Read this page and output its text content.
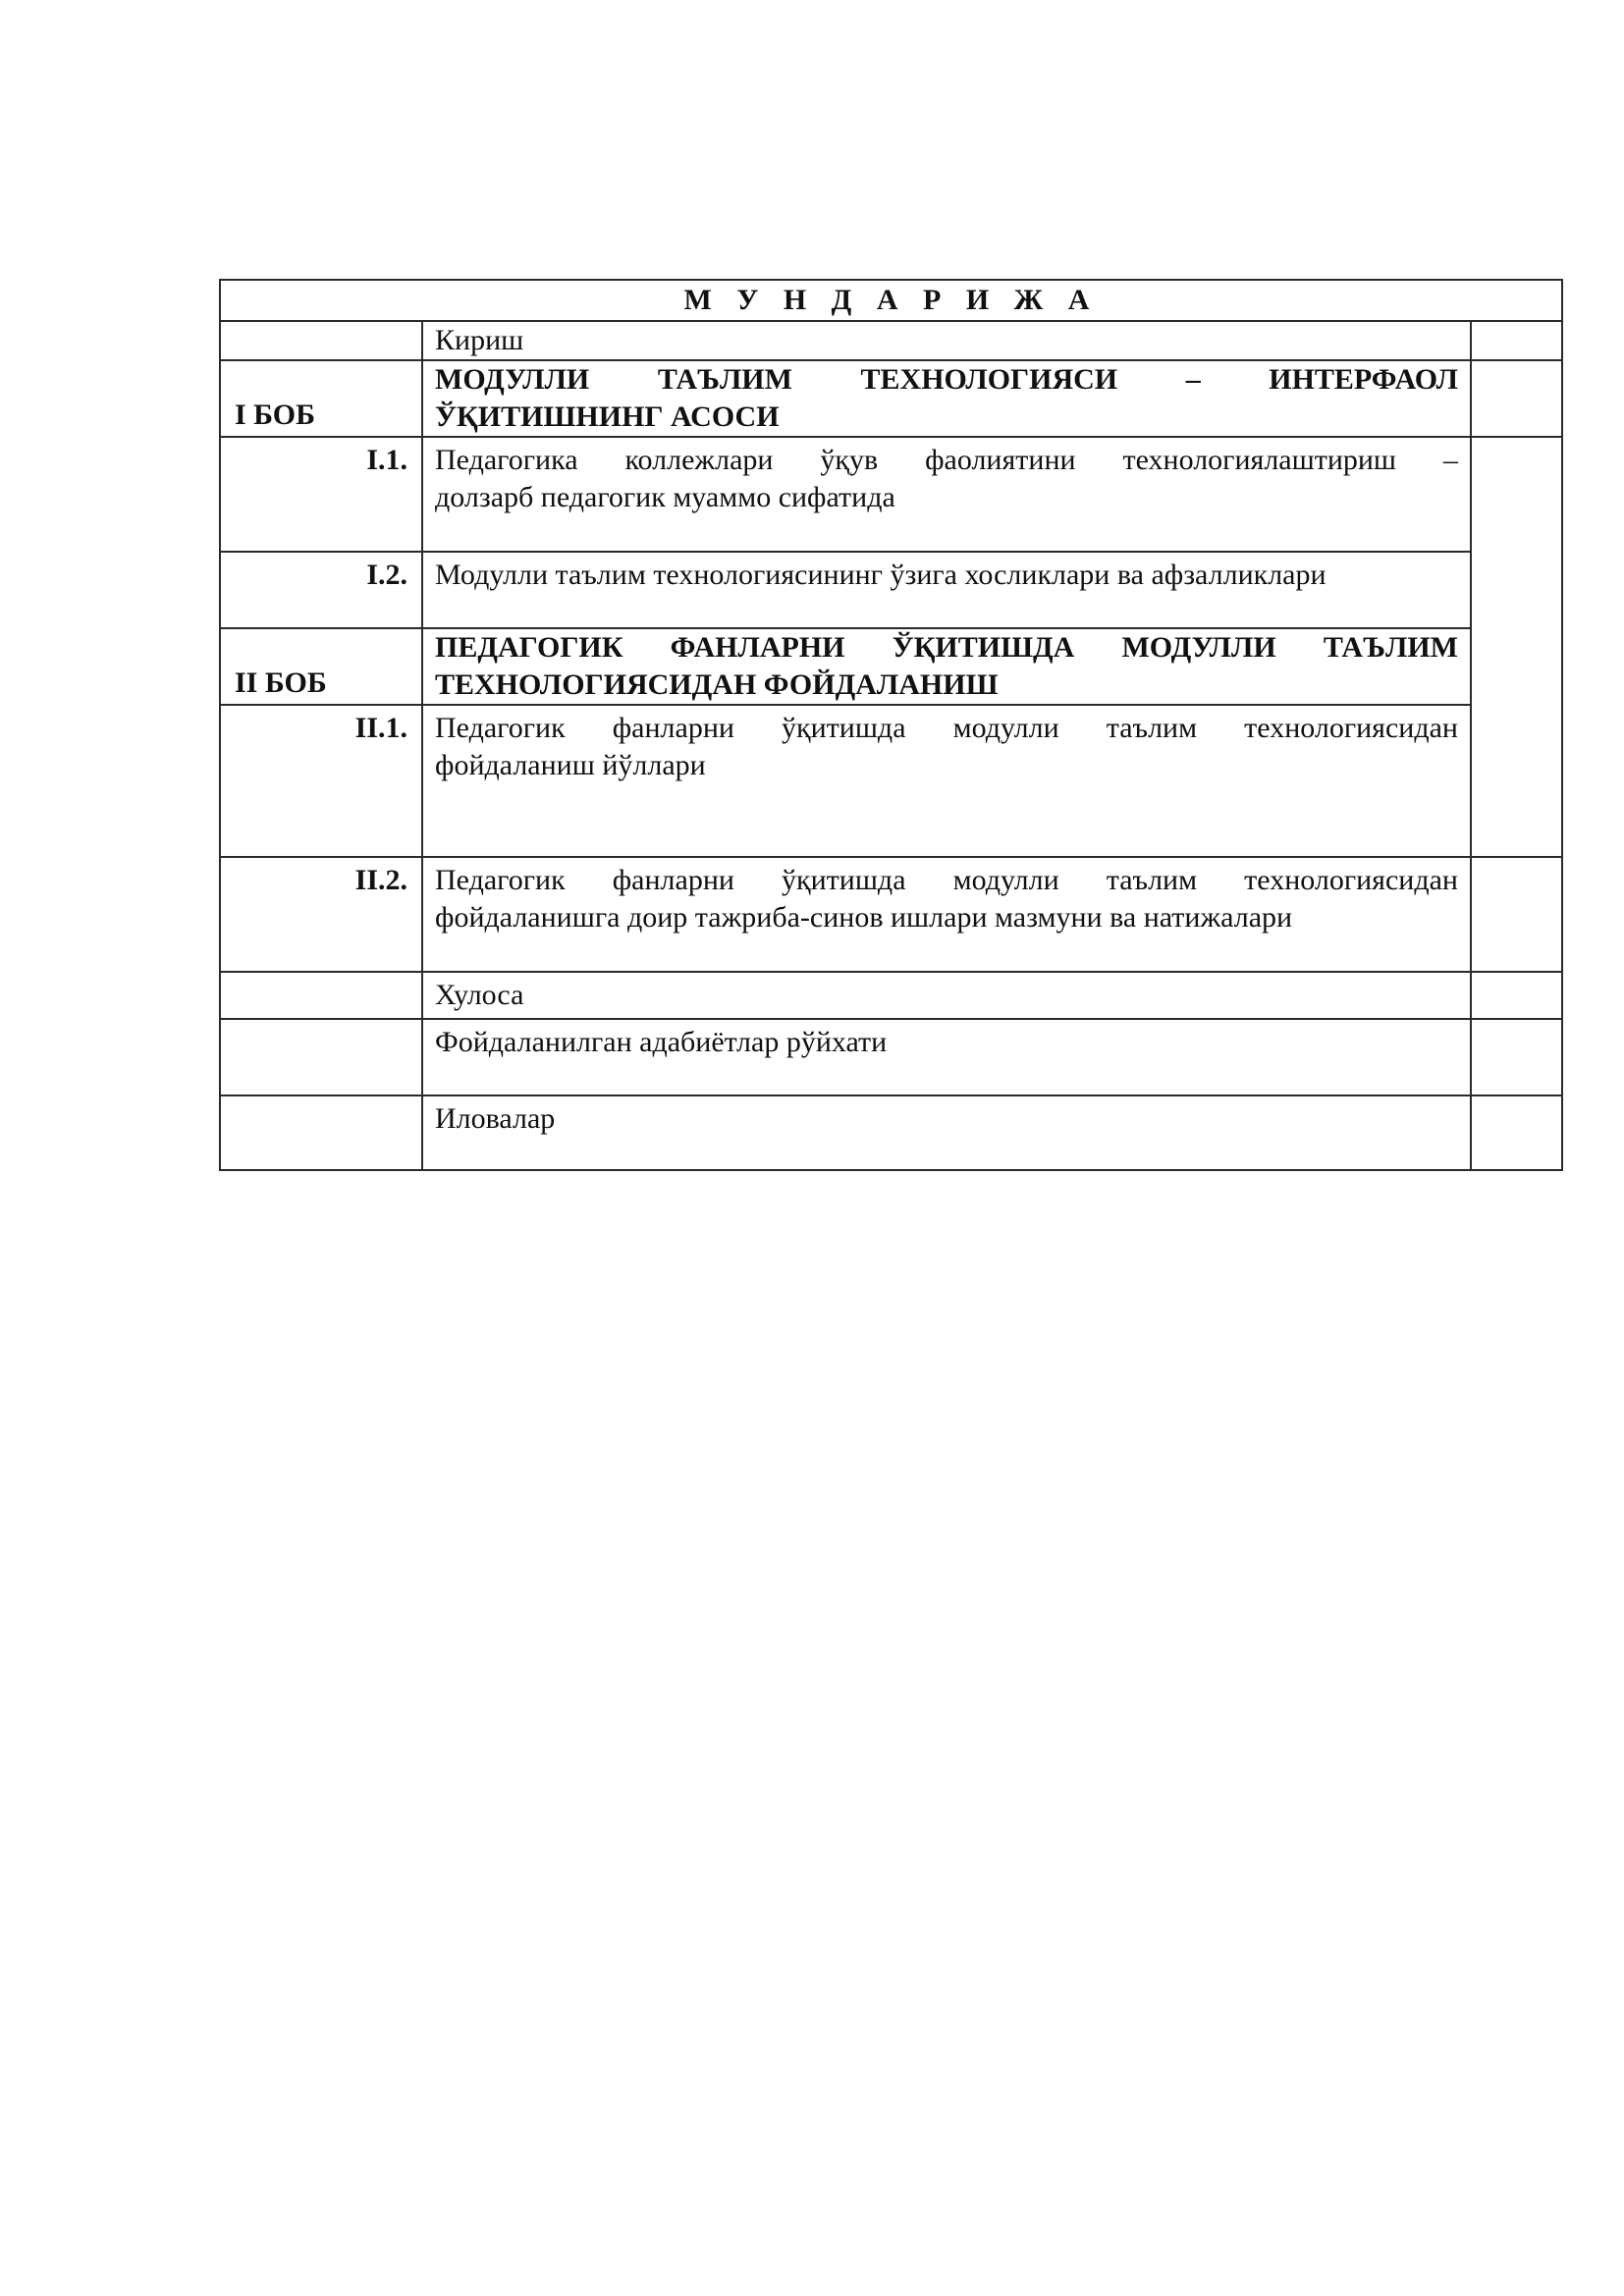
М У Н Д А Р И Ж А		
	Кириш	
I БОБ	МОДУЛЛИ ТАЪЛИМ ТЕХНОЛОГИЯСИ – ИНТЕРФАОЛ
ЎҚИТИШНИНГ АСОСИ	

I.1.	Педагогика коллежлари ўқув фаолиятини технологиялаштириш –
долзарб педагогик муаммо сифатида	

I.2.	Модулли таълим технологиясининг ўзига хосликлари ва афзалликлари	

II БОБ	ПЕДАГОГИК ФАНЛАРНИ ЎҚИТИШДА МОДУЛЛИ ТАЪЛИМ
ТЕХНОЛОГИЯСИДАН ФОЙДАЛАНИШ	

II.1.	Педагогик фанларни ўқитишда модулли таълим технологиясидан
фойдаланиш йўллари	

II.2.	Педагогик фанларни ўқитишда модулли таълим технологиясидан
фойдаланишга доир тажриба-синов ишлари мазмуни ва натижалари	

	Хулоса	

	Фойдаланилган адабиётлар рўйхати	

	Иловалар	
